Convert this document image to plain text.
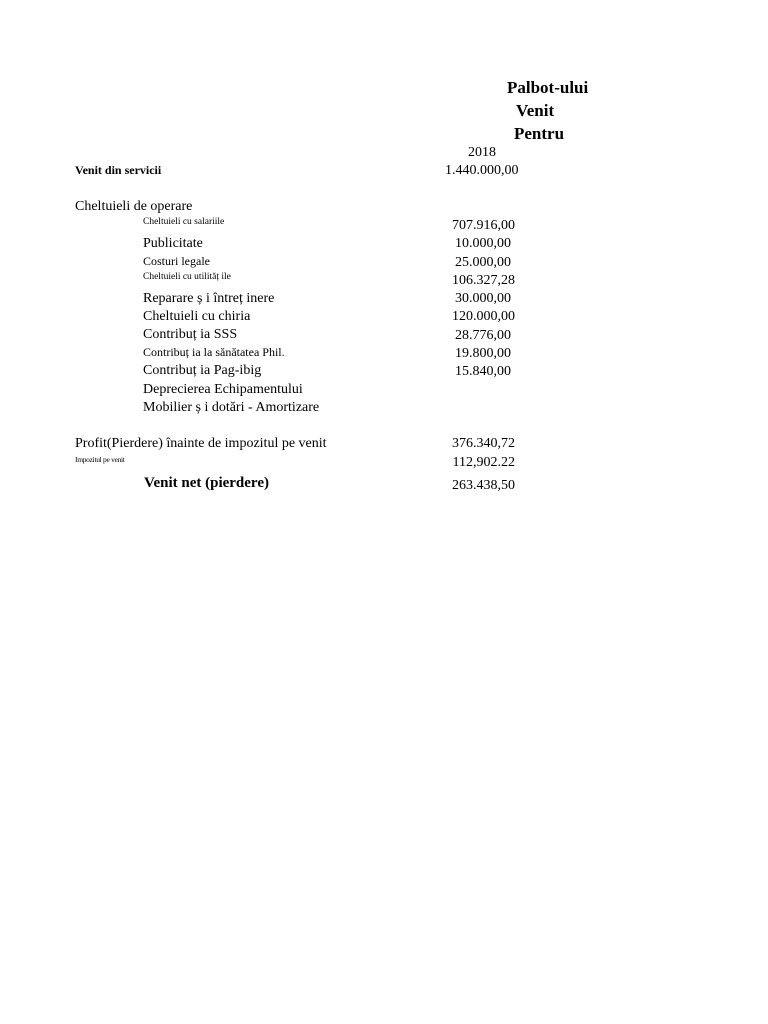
Palbot-ului
Venit
Pentru
2018
Venit din servicii	1.440.000,00
Cheltuieli de operare
Cheltuieli cu salariile	707.916,00
Publicitate	10.000,00
Costuri legale	25.000,00
Cheltuieli cu utilităț ile	106.327,28
Reparare ș i întreț inere	30.000,00
Cheltuieli cu chiria	120.000,00
Contribuț ia SSS	28.776,00
Contribuț ia la sănătatea Phil.	19.800,00
Contribuț ia Pag-ibig	15.840,00
Deprecierea Echipamentului
Mobilier ș i dotări - Amortizare
Profit(Pierdere) înainte de impozitul pe venit	376.340,72
Impozitul pe venit	112,902.22
Venit net (pierdere)	263.438,50
